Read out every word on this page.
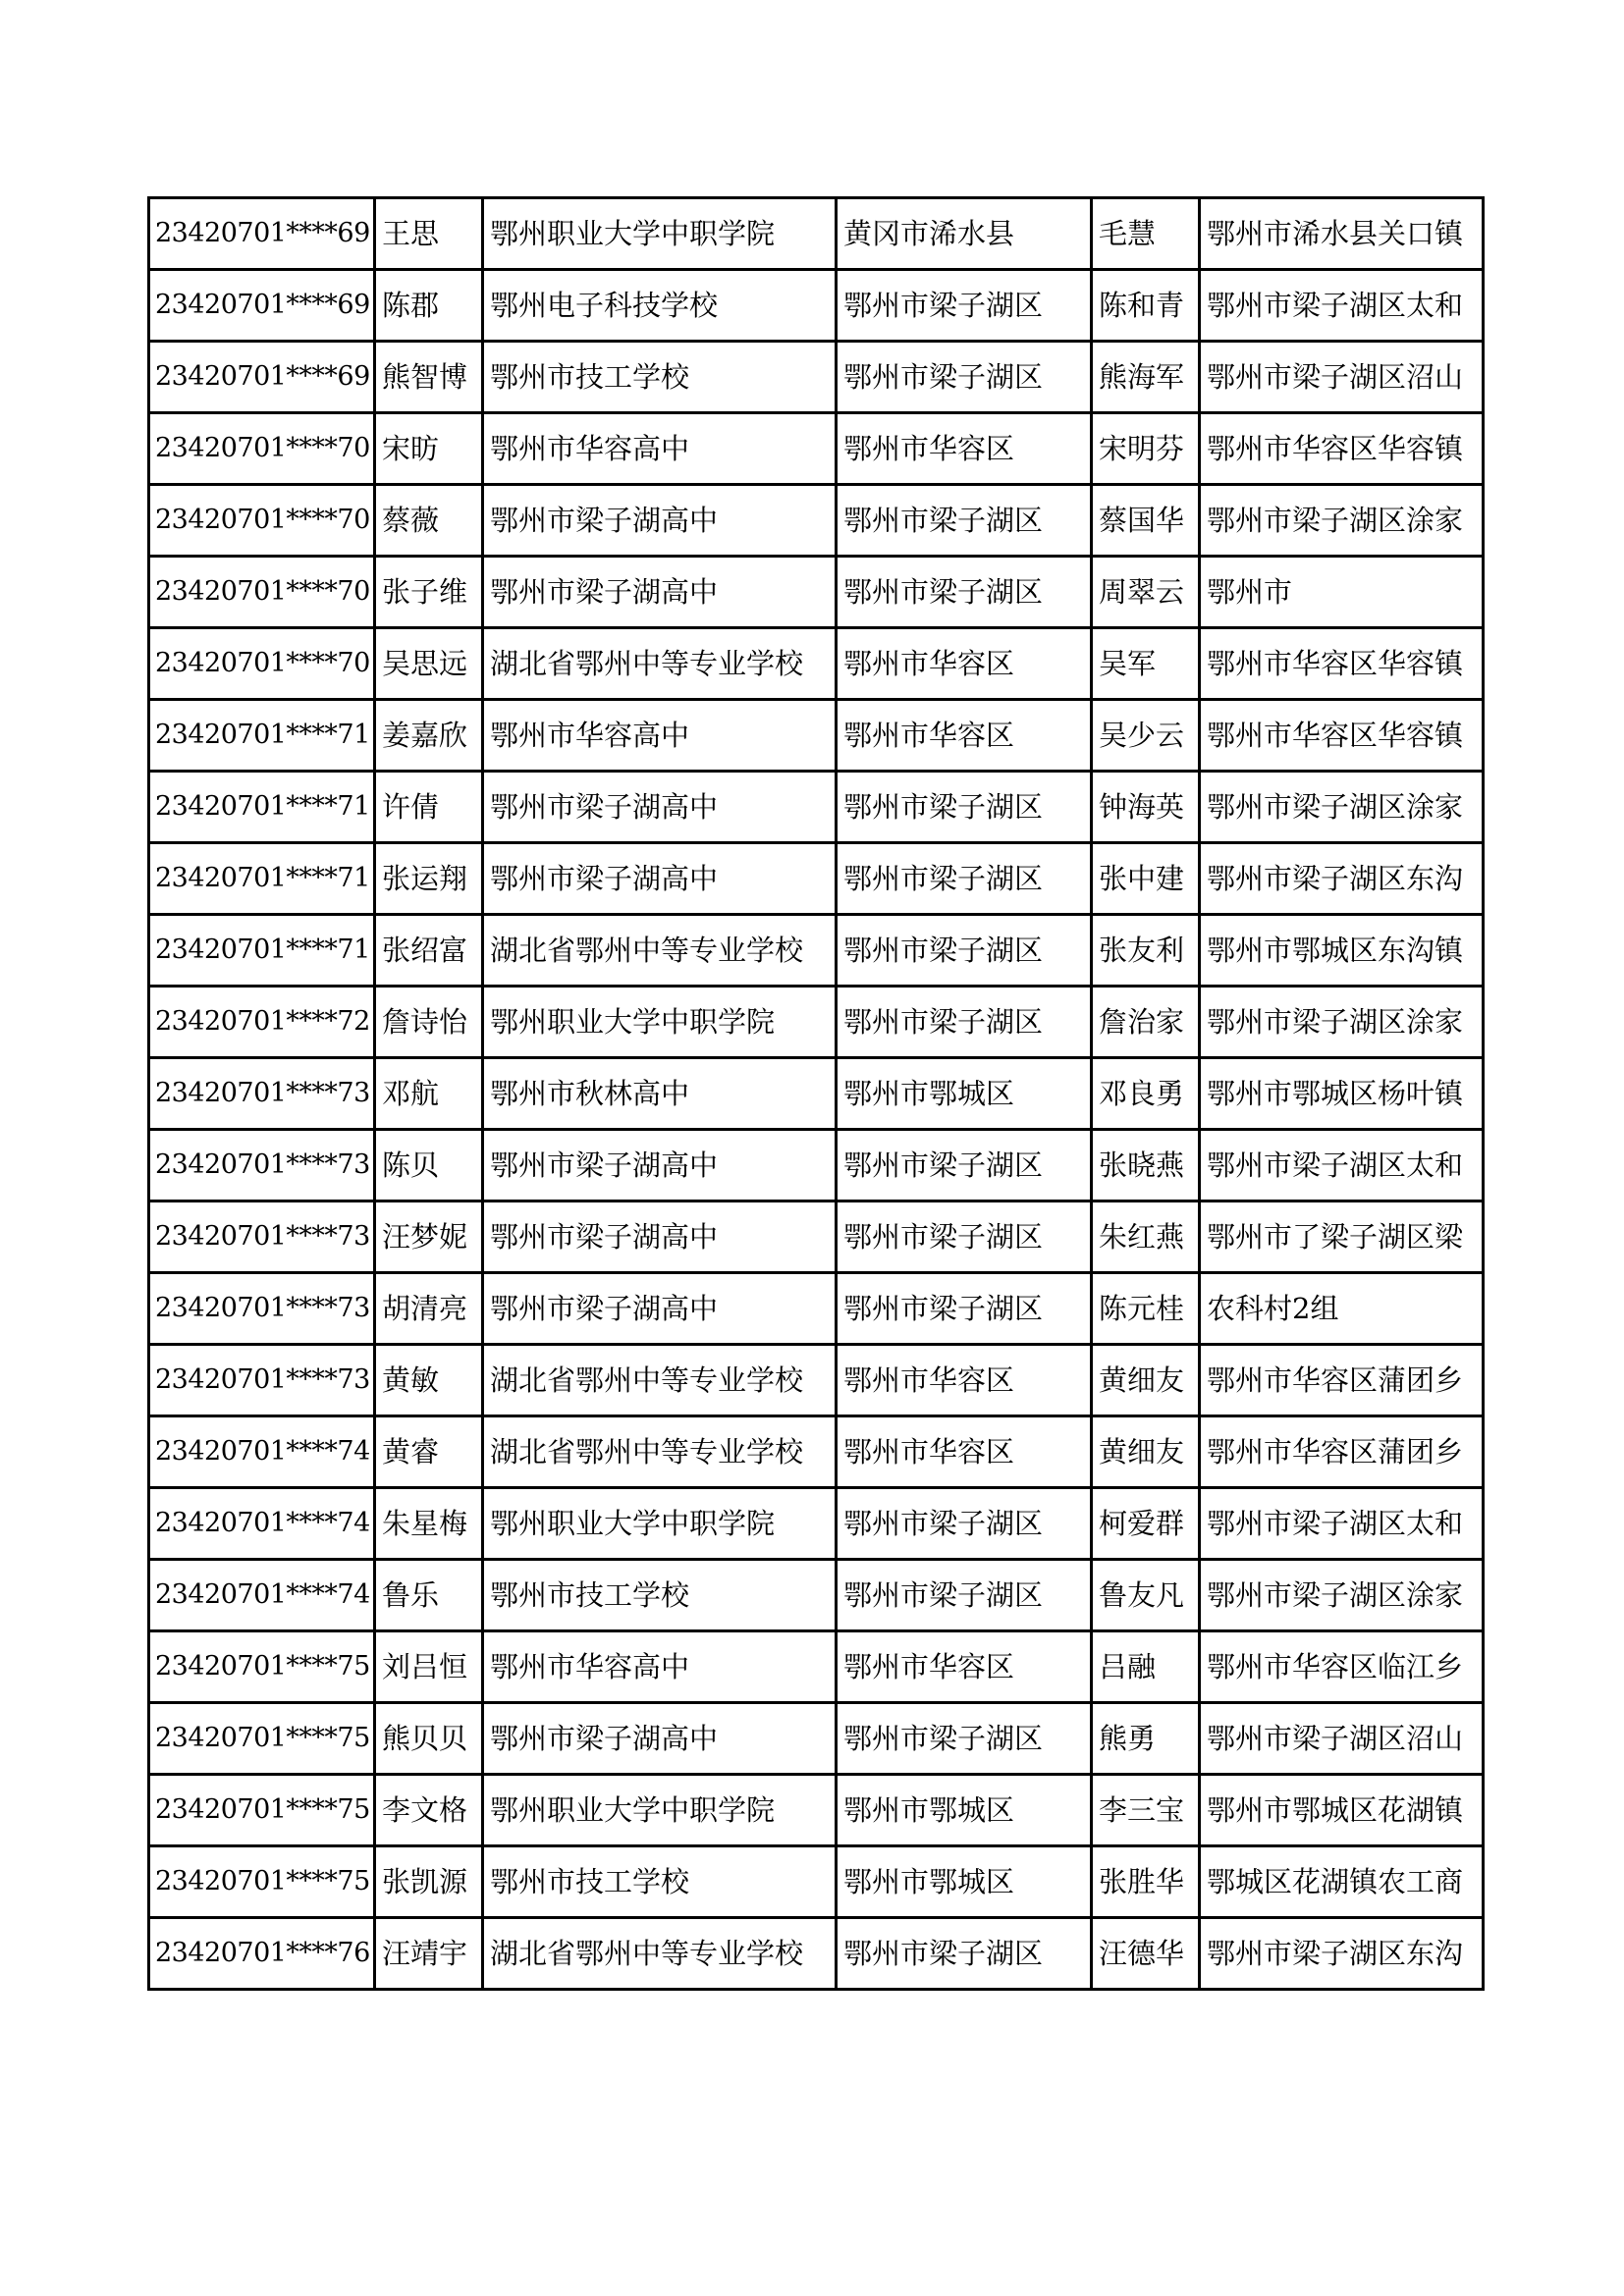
23420701****69	王思	鄂州职业大学中职学院	黄冈市浠水县	毛慧	鄂州市浠水县关口镇
23420701****69	陈郡	鄂州电子科技学校	鄂州市梁子湖区	陈和青	鄂州市梁子湖区太和
23420701****69	熊智博	鄂州市技工学校	鄂州市梁子湖区	熊海军	鄂州市梁子湖区沼山
23420701****70	宋昉	鄂州市华容高中	鄂州市华容区	宋明芬	鄂州市华容区华容镇
23420701****70	蔡薇	鄂州市梁子湖高中	鄂州市梁子湖区	蔡国华	鄂州市梁子湖区涂家
23420701****70	张子维	鄂州市梁子湖高中	鄂州市梁子湖区	周翠云	鄂州市
23420701****70	吴思远	湖北省鄂州中等专业学校	鄂州市华容区	吴军	鄂州市华容区华容镇
23420701****71	姜嘉欣	鄂州市华容高中	鄂州市华容区	吴少云	鄂州市华容区华容镇
23420701****71	许倩	鄂州市梁子湖高中	鄂州市梁子湖区	钟海英	鄂州市梁子湖区涂家
23420701****71	张运翔	鄂州市梁子湖高中	鄂州市梁子湖区	张中建	鄂州市梁子湖区东沟
23420701****71	张绍富	湖北省鄂州中等专业学校	鄂州市梁子湖区	张友利	鄂州市鄂城区东沟镇
23420701****72	詹诗怡	鄂州职业大学中职学院	鄂州市梁子湖区	詹治家	鄂州市梁子湖区涂家
23420701****73	邓航	鄂州市秋林高中	鄂州市鄂城区	邓良勇	鄂州市鄂城区杨叶镇
23420701****73	陈贝	鄂州市梁子湖高中	鄂州市梁子湖区	张晓燕	鄂州市梁子湖区太和
23420701****73	汪梦妮	鄂州市梁子湖高中	鄂州市梁子湖区	朱红燕	鄂州市了梁子湖区梁
23420701****73	胡清亮	鄂州市梁子湖高中	鄂州市梁子湖区	陈元桂	农科村2组
23420701****73	黄敏	湖北省鄂州中等专业学校	鄂州市华容区	黄细友	鄂州市华容区蒲团乡
23420701****74	黄睿	湖北省鄂州中等专业学校	鄂州市华容区	黄细友	鄂州市华容区蒲团乡
23420701****74	朱星梅	鄂州职业大学中职学院	鄂州市梁子湖区	柯爱群	鄂州市梁子湖区太和
23420701****74	鲁乐	鄂州市技工学校	鄂州市梁子湖区	鲁友凡	鄂州市梁子湖区涂家
23420701****75	刘吕恒	鄂州市华容高中	鄂州市华容区	吕融	鄂州市华容区临江乡
23420701****75	熊贝贝	鄂州市梁子湖高中	鄂州市梁子湖区	熊勇	鄂州市梁子湖区沼山
23420701****75	李文格	鄂州职业大学中职学院	鄂州市鄂城区	李三宝	鄂州市鄂城区花湖镇
23420701****75	张凯源	鄂州市技工学校	鄂州市鄂城区	张胜华	鄂城区花湖镇农工商
23420701****76	汪靖宇	湖北省鄂州中等专业学校	鄂州市梁子湖区	汪德华	鄂州市梁子湖区东沟
